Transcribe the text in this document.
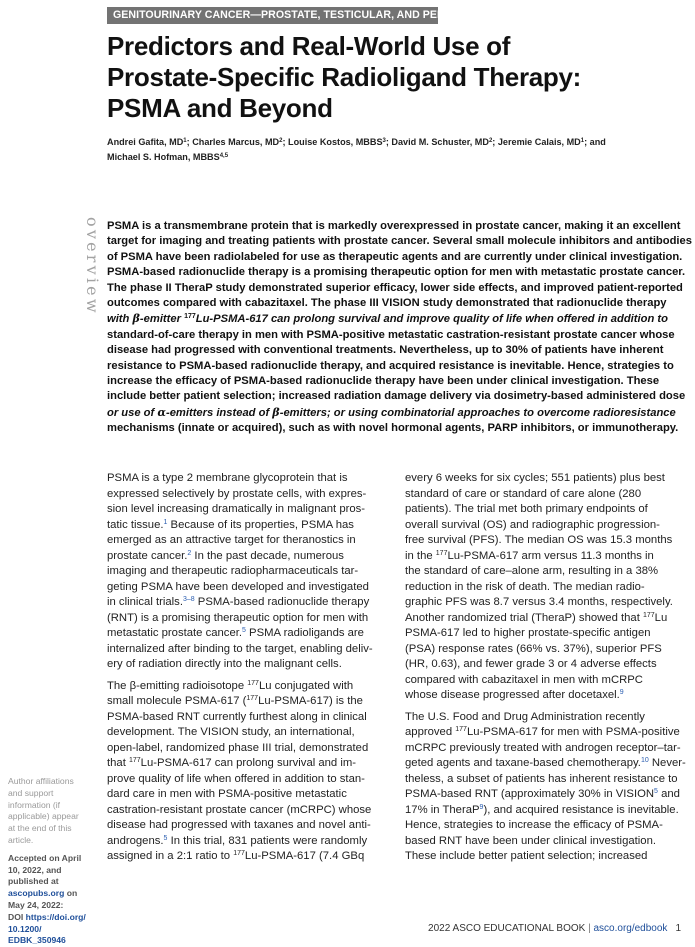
GENITOURINARY CANCER—PROSTATE, TESTICULAR, AND PENILE
Predictors and Real-World Use of
Prostate-Specific Radioligand Therapy:
PSMA and Beyond
Andrei Gafita, $MD^1$; Charles Marcus, $MD^2$; Louise Kostos, MBBS$^3$; David M. Schuster, $MD^2$; Jeremie Calais, $MD^1$; and
Michael S. Hofman, MBBS$^{4,5}$
overview PSMA is a transmembrane protein that is markedly overexpressed in prostate cancer, making it an excellent
target for imaging and treating patients with prostate cancer. Several small molecule inhibitors and antibodies
of PSMA have been radiolabeled for use as therapeutic agents and are currently under clinical investigation.
PSMA-based radionuclide therapy is a promising therapeutic option for men with metastatic prostate cancer.
The phase II TheraP study demonstrated superior efficacy, lower side effects, and improved patient-reported
outcomes compared with cabazitaxel. The phase III VISION study demonstrated that radionuclide therapy
with β-emitter $^{177}$Lu-PSMA-617 can prolong survival and improve quality of life when offered in addition to
standard-of-care therapy in men with PSMA-positive metastatic castration-resistant prostate cancer whose
disease had progressed with conventional treatments. Nevertheless, up to 30% of patients have inherent
resistance to PSMA-based radionuclide therapy, and acquired resistance is inevitable. Hence, strategies to
increase the efficacy of PSMA-based radionuclide therapy have been under clinical investigation. These
include better patient selection; increased radiation damage delivery via dosimetry-based administered dose
or use of α-emitters instead of β-emitters; or using combinatorial approaches to overcome radioresistance
mechanisms (innate or acquired), such as with novel hormonal agents, PARP inhibitors, or immunotherapy.
PSMA is a type 2 membrane glycoprotein that is
expressed selectively by prostate cells, with expres-
sion level increasing dramatically in malignant pros-
tatic tissue.$^1$ Because of its properties, PSMA has
emerged as an attractive target for theranostics in
prostate cancer.$^2$ In the past decade, numerous
imaging and therapeutic radiopharmaceuticals tar-
geting PSMA have been developed and investigated
in clinical trials.$^{3-8}$ PSMA-based radionuclide therapy
(RNT) is a promising therapeutic option for men with
metastatic prostate cancer.$^5$ PSMA radioligands are
internalized after binding to the target, enabling deliv-
ery of radiation directly into the malignant cells.
The β-emitting radioisotope $^{177}$Lu conjugated with
small molecule PSMA-617 ($^{177}$Lu-PSMA-617) is the
PSMA-based RNT currently furthest along in clinical
development. The VISION study, an international,
open-label, randomized phase III trial, demonstrated
that $^{177}$Lu-PSMA-617 can prolong survival and im-
prove quality of life when offered in addition to stan-
dard care in men with PSMA-positive metastatic
castration-resistant prostate cancer (mCRPC) whose
disease had progressed with taxanes and novel anti-
androgens.$^5$ In this trial, 831 patients were randomly
assigned in a 2:1 ratio to $^{177}$Lu-PSMA-617 (7.4 GBq
every 6 weeks for six cycles; 551 patients) plus best
standard of care or standard of care alone (280
patients). The trial met both primary endpoints of
overall survival (OS) and radiographic progression-
free survival (PFS). The median OS was 15.3 months
in the $^{177}$Lu-PSMA-617 arm versus 11.3 months in
the standard of care–alone arm, resulting in a 38%
reduction in the risk of death. The median radio-
graphic PFS was 8.7 versus 3.4 months, respectively.
Another randomized trial (TheraP) showed that $^{177}$Lu
PSMA-617 led to higher prostate-specific antigen
(PSA) response rates (66% vs. 37%), superior PFS
(HR, 0.63), and fewer grade 3 or 4 adverse effects
compared with cabazitaxel in men with mCRPC
whose disease progressed after docetaxel.$^9$
The U.S. Food and Drug Administration recently
approved $^{177}$Lu-PSMA-617 for men with PSMA-positive
mCRPC previously treated with androgen receptor–tar-
geted agents and taxane-based chemotherapy.$^{10}$ Never-
theless, a subset of patients has inherent resistance to
PSMA-based RNT (approximately 30% in VISION$^5$ and
17% in TheraP$^9$), and acquired resistance is inevitable.
Hence, strategies to increase the efficacy of PSMA-
based RNT have been under clinical investigation.
These include better patient selection; increased
Author affiliations
and support
information (if
applicable) appear
at the end of this
article.
Accepted on April
10, 2022, and
published at
ascopubs.org on
May 24, 2022:
DOI https://doi.org/
10.1200/
EDBK_350946
2022 ASCO EDUCATIONAL BOOK | asco.org/edbook 1
